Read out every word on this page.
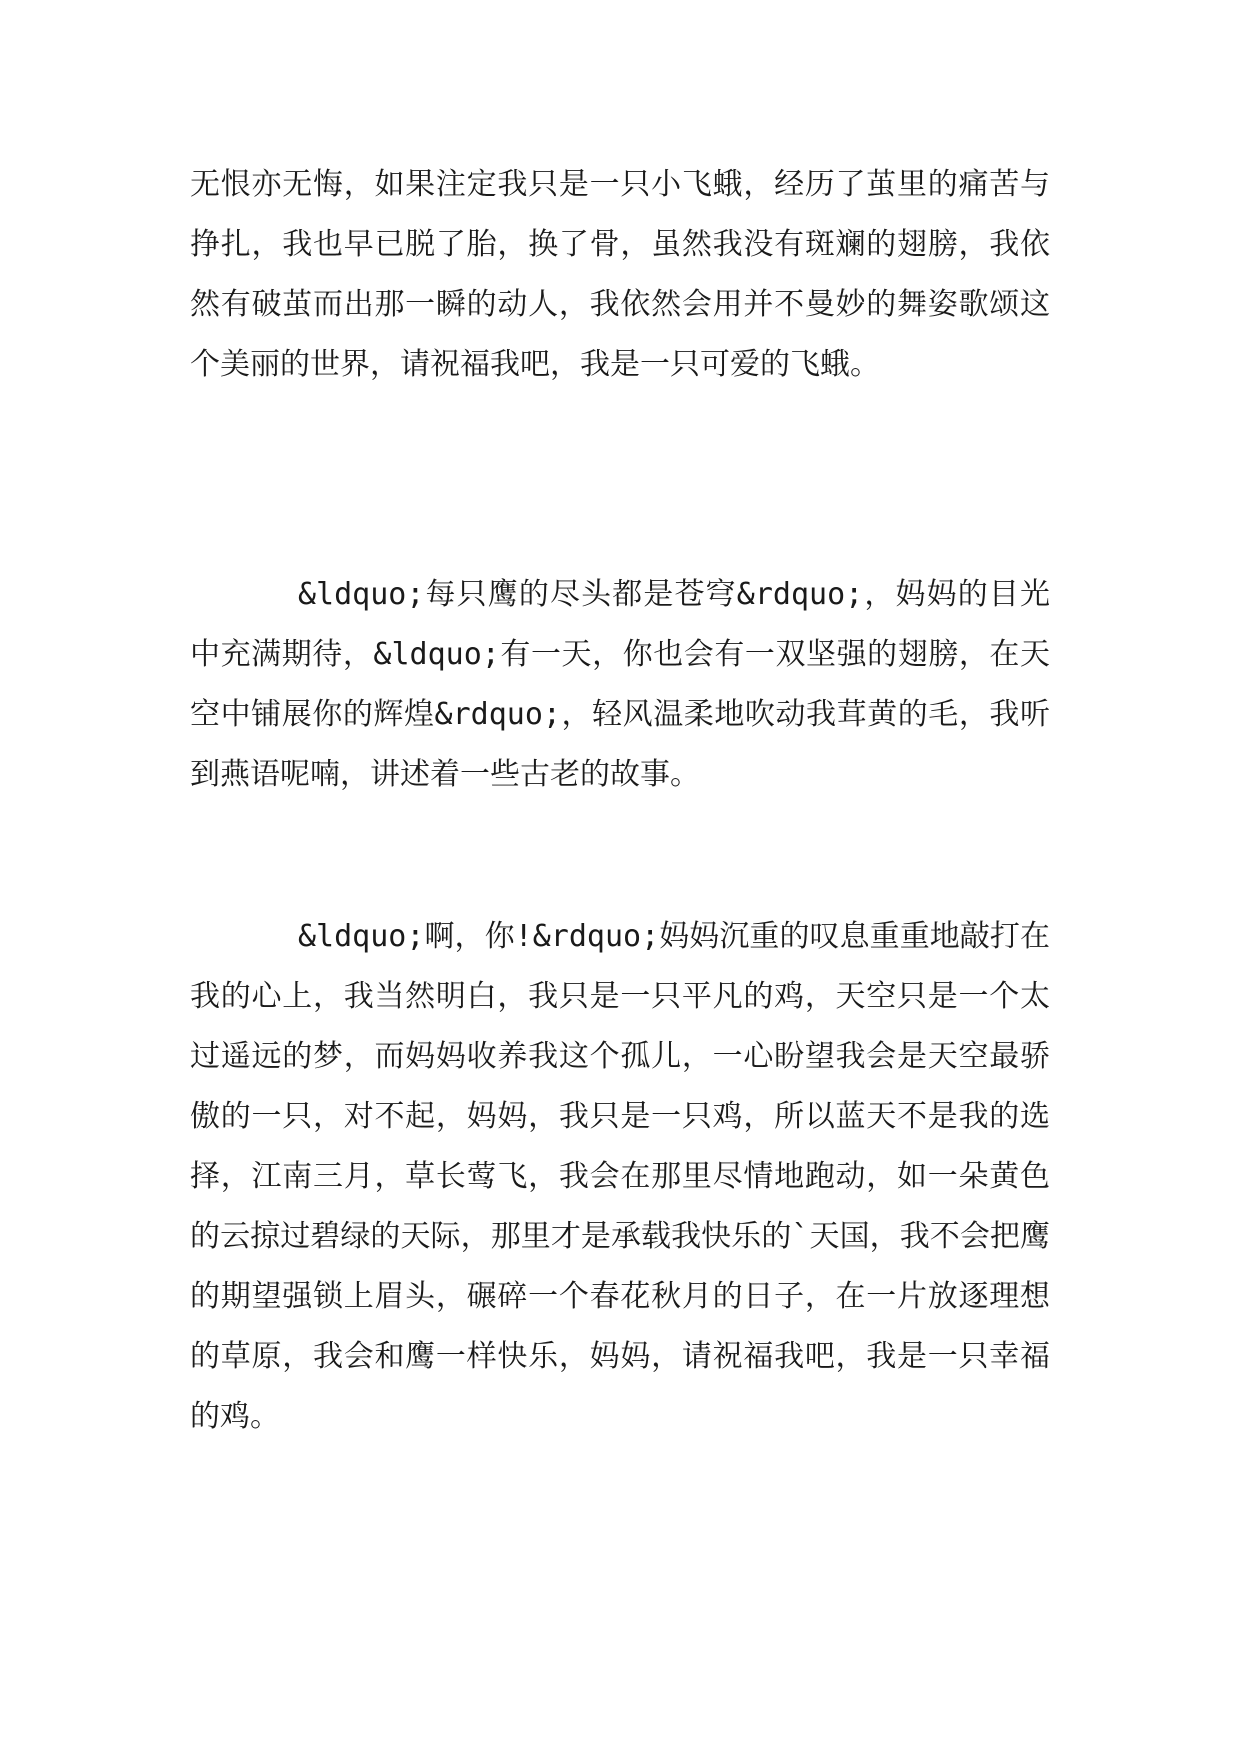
无恨亦无悔，如果注定我只是一只小飞蛾，经历了茧里的痛苦与挣扎，我也早已脱了胎，换了骨，虽然我没有斑斓的翅膀，我依然有破茧而出那一瞬的动人，我依然会用并不曼妙的舞姿歌颂这个美丽的世界，请祝福我吧，我是一只可爱的飞蛾。

&ldquo;每只鹰的尽头都是苍穹&rdquo;，妈妈的目光中充满期待，&ldquo;有一天，你也会有一双坚强的翅膀，在天空中铺展你的辉煌&rdquo;，轻风温柔地吹动我茸黄的毛，我听到燕语呢喃，讲述着一些古老的故事。

&ldquo;啊，你!&rdquo;妈妈沉重的叹息重重地敲打在我的心上，我当然明白，我只是一只平凡的鸡，天空只是一个太过遥远的梦，而妈妈收养我这个孤儿，一心盼望我会是天空最骄傲的一只，对不起，妈妈，我只是一只鸡，所以蓝天不是我的选择，江南三月，草长莺飞，我会在那里尽情地跑动，如一朵黄色的云掠过碧绿的天际，那里才是承载我快乐的`天国，我不会把鹰的期望强锁上眉头，碾碎一个春花秋月的日子，在一片放逐理想的草原，我会和鹰一样快乐，妈妈，请祝福我吧，我是一只幸福的鸡。
